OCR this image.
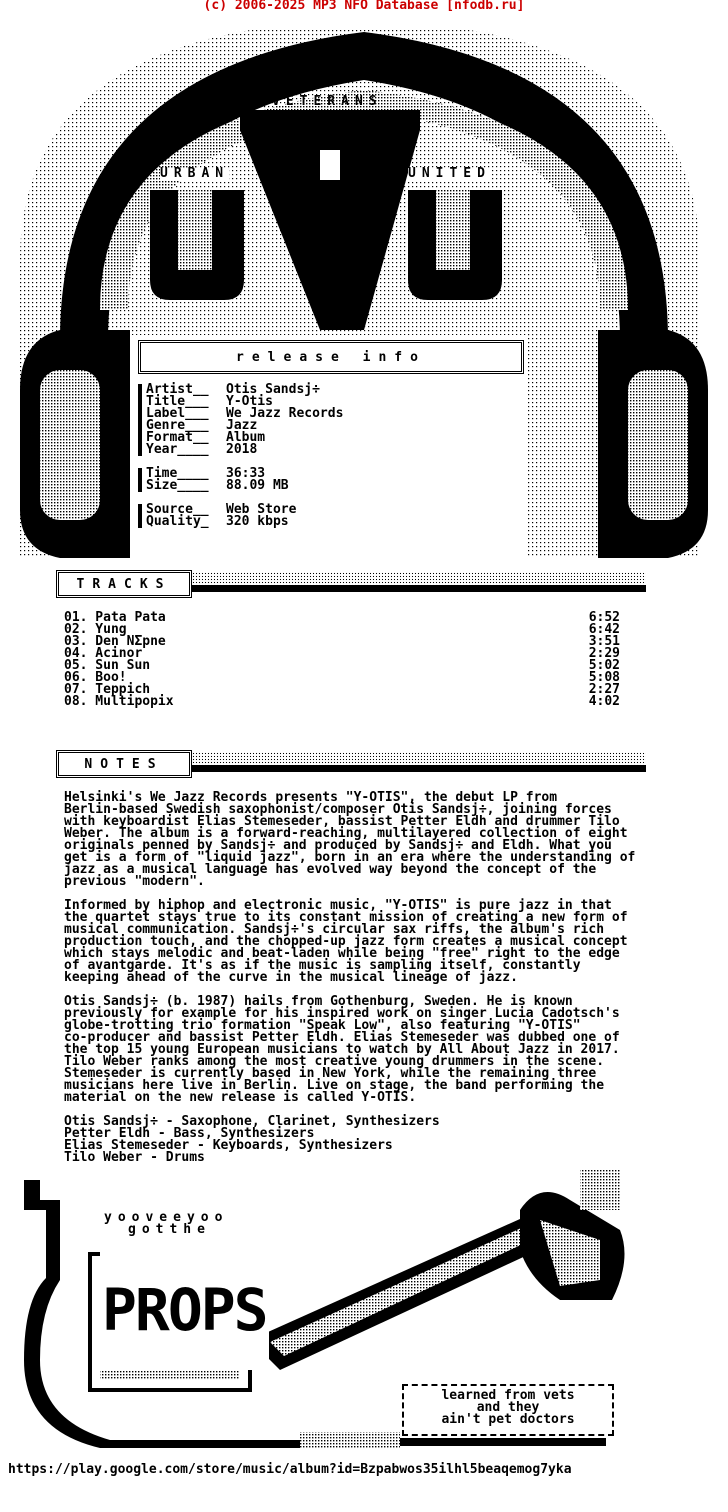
(c) 2006-2025 MP3 NFO Database [nfodb.ru]
VETERANS
URBAN	UNITED
release info
Artist__	Otis Sandsj÷
Title___	Y-Otis
Label___	We Jazz Records
Genre___	Jazz
Format__	Album
Year____	2018
Time____	36:33
Size____	88.09 MB
Source__	Web Store
Quality_	320 kbps
TRACKS
01. Pata Pata	6:52
02. Yung	6:42
03. Den NΣpne	3:51
04. Acinor	2:29
05. Sun Sun	5:02
06. Boo!	5:08
07. Teppich	2:27
08. Multipopix	4:02
NOTES

Helsinki's We Jazz Records presents "Y-OTIS", the debut LP from
Berlin-based Swedish saxophonist/composer Otis Sandsj÷, joining forces
with keyboardist Elias Stemeseder, bassist Petter Eldh and drummer Tilo
Weber. The album is a forward-reaching, multilayered collection of eight
originals penned by Sandsj÷ and produced by Sandsj÷ and Eldh. What you
get is a form of "liquid jazz", born in an era where the understanding of
jazz as a musical language has evolved way beyond the concept of the
previous "modern".

Informed by hiphop and electronic music, "Y-OTIS" is pure jazz in that
the quartet stays true to its constant mission of creating a new form of
musical communication. Sandsj÷'s circular sax riffs, the album's rich
production touch, and the chopped-up jazz form creates a musical concept
which stays melodic and beat-laden while being "free" right to the edge
of avantgarde. It's as if the music is sampling itself, constantly
keeping ahead of the curve in the musical lineage of jazz.

Otis Sandsj÷ (b. 1987) hails from Gothenburg, Sweden. He is known
previously for example for his inspired work on singer Lucia Cadotsch's
globe-trotting trio formation "Speak Low", also featuring "Y-OTIS"
co-producer and bassist Petter Eldh. Elias Stemeseder was dubbed one of
the top 15 young European musicians to watch by All About Jazz in 2017.
Tilo Weber ranks among the most creative young drummers in the scene.
Stemeseder is currently based in New York, while the remaining three
musicians here live in Berlin. Live on stage, the band performing the
material on the new release is called Y-OTIS.

Otis Sandsj÷ - Saxophone, Clarinet, Synthesizers
Petter Eldh - Bass, Synthesizers
Elias Stemeseder - Keyboards, Synthesizers
Tilo Weber - Drums
yooveeyoo
gotthe
PROPS
learned from vets
and they
ain't pet doctors
https://play.google.com/store/music/album?id=Bzpabwos35ilhl5beaqemog7yka
